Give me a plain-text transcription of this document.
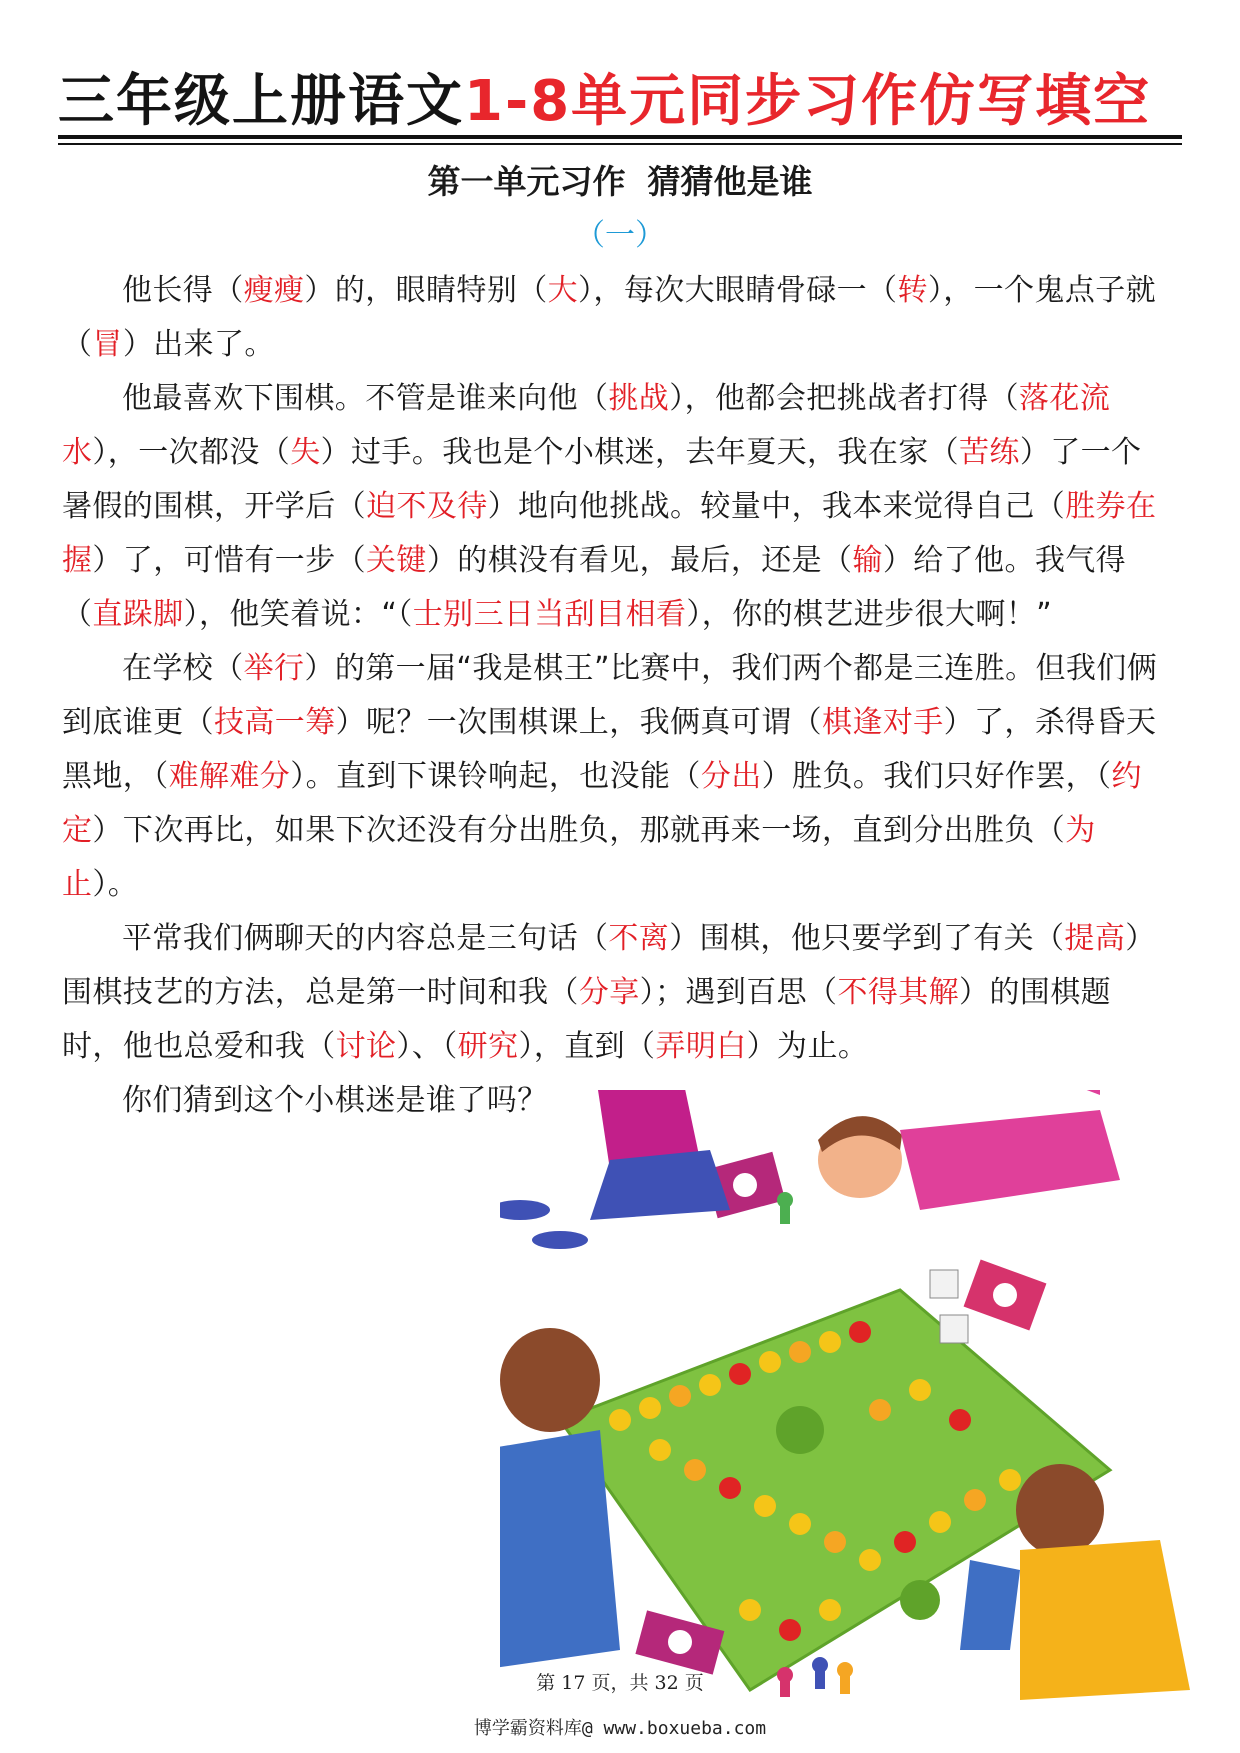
三年级上册语文1-8单元同步习作仿写填空
第一单元习作 猜猜他是谁
（一）

他长得（瘦瘦）的，眼睛特别（大），每次大眼睛骨碌一（转），一个鬼点子就（冒）出来了。

他最喜欢下围棋。不管是谁来向他（挑战），他都会把挑战者打得（落花流水），一次都没（失）过手。我也是个小棋迷，去年夏天，我在家（苦练）了一个暑假的围棋，开学后（迫不及待）地向他挑战。较量中，我本来觉得自己（胜券在握）了，可惜有一步（关键）的棋没有看见，最后，还是（输）给了他。我气得（直跺脚），他笑着说：“（士别三日当刮目相看），你的棋艺进步很大啊！”

在学校（举行）的第一届“我是棋王”比赛中，我们两个都是三连胜。但我们俩到底谁更（技高一筹）呢？一次围棋课上，我俩真可谓（棋逢对手）了，杀得昏天黑地，（难解难分）。直到下课铃响起，也没能（分出）胜负。我们只好作罢，（约定）下次再比，如果下次还没有分出胜负，那就再来一场，直到分出胜负（为止）。

平常我们俩聊天的内容总是三句话（不离）围棋，他只要学到了有关（提高）围棋技艺的方法，总是第一时间和我（分享）；遇到百思（不得其解）的围棋题时，他也总爱和我（讨论）、（研究），直到（弄明白）为止。

你们猜到这个小棋迷是谁了吗？

第 17 页，共 32 页
博学霸资料库@ www.boxueba.com
